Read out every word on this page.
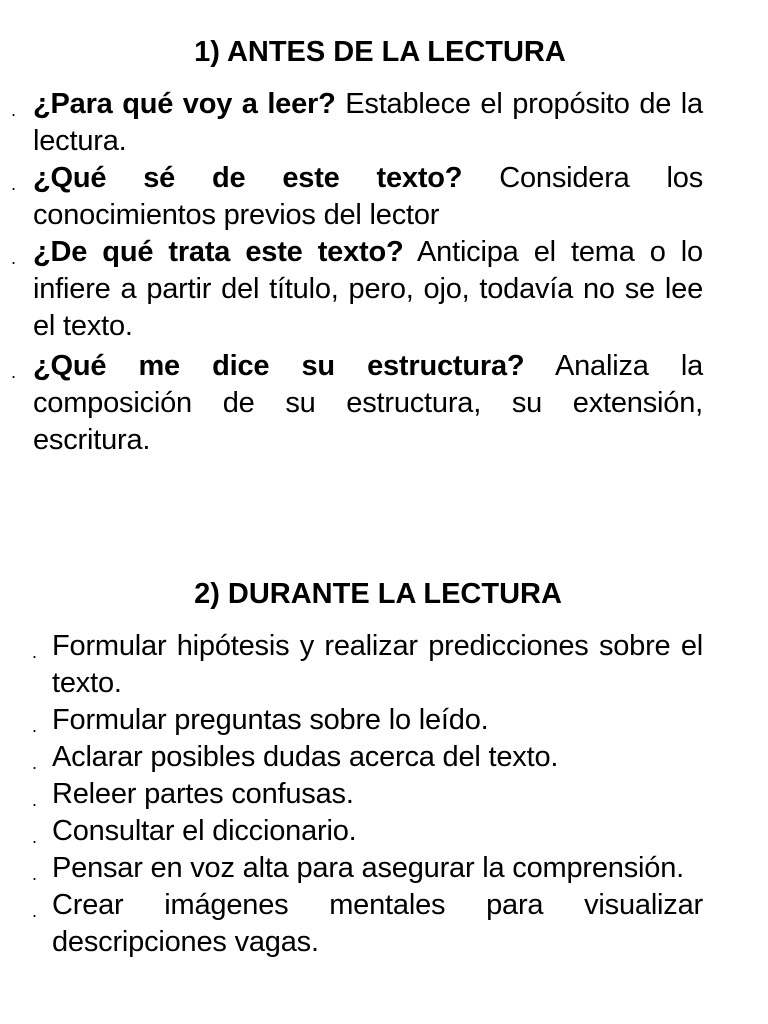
1) ANTES DE LA LECTURA
. ¿Para qué voy a leer? Establece el propósito de la lectura.
. ¿Qué sé de este texto? Considera los conocimientos previos del lector
. ¿De qué trata este texto? Anticipa el tema o lo infiere a partir del título, pero, ojo, todavía no se lee el texto.
. ¿Qué me dice su estructura? Analiza la composición de su estructura, su extensión, escritura.
2) DURANTE LA LECTURA
. Formular hipótesis y realizar predicciones sobre el texto.
. Formular preguntas sobre lo leído.
. Aclarar posibles dudas acerca del texto.
. Releer partes confusas.
. Consultar el diccionario.
. Pensar en voz alta para asegurar la comprensión.
. Crear imágenes mentales para visualizar descripciones vagas.
